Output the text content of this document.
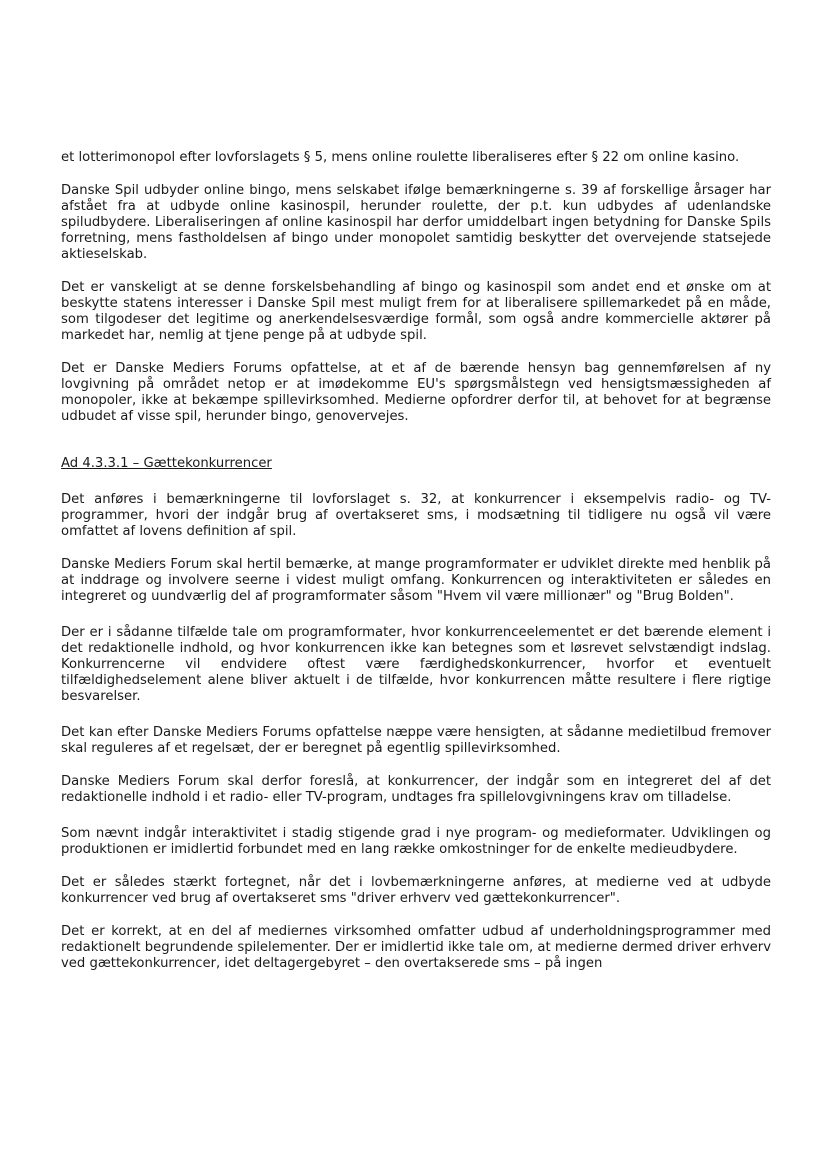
et lotterimonopol efter lovforslagets § 5, mens online roulette liberaliseres efter § 22 om online kasino.

Danske Spil udbyder online bingo, mens selskabet ifølge bemærkningerne s. 39 af forskellige årsager har afstået fra at udbyde online kasinospil, herunder roulette, der p.t. kun udbydes af udenlandske spiludbydere. Liberaliseringen af online kasinospil har derfor umiddelbart ingen betydning for Danske Spils forretning, mens fastholdelsen af bingo under monopolet samtidig beskytter det overvejende statsejede aktieselskab.

Det er vanskeligt at se denne forskelsbehandling af bingo og kasinospil som andet end et ønske om at beskytte statens interesser i Danske Spil mest muligt frem for at liberalisere spillemarkedet på en måde, som tilgodeser det legitime og anerkendelsesværdige formål, som også andre kommercielle aktører på markedet har, nemlig at tjene penge på at udbyde spil.

Det er Danske Mediers Forums opfattelse, at et af de bærende hensyn bag gennemførelsen af ny lovgivning på området netop er at imødekomme EU's spørgsmålstegn ved hensigtsmæssigheden af monopoler, ikke at bekæmpe spillevirksomhed. Medierne opfordrer derfor til, at behovet for at begrænse udbudet af visse spil, herunder bingo, genovervejes.

Ad 4.3.3.1 – Gættekonkurrencer

Det anføres i bemærkningerne til lovforslaget s. 32, at konkurrencer i eksempelvis radio- og TV-programmer, hvori der indgår brug af overtakseret sms, i modsætning til tidligere nu også vil være omfattet af lovens definition af spil.

Danske Mediers Forum skal hertil bemærke, at mange programformater er udviklet direkte med henblik på at inddrage og involvere seerne i videst muligt omfang. Konkurrencen og interaktiviteten er således en integreret og uundværlig del af programformater såsom "Hvem vil være millionær" og "Brug Bolden".

Der er i sådanne tilfælde tale om programformater, hvor konkurrenceelementet er det bærende element i det redaktionelle indhold, og hvor konkurrencen ikke kan betegnes som et løsrevet selvstændigt indslag. Konkurrencerne vil endvidere oftest være færdighedskonkurrencer, hvorfor et eventuelt tilfældighedselement alene bliver aktuelt i de tilfælde, hvor konkurrencen måtte resultere i flere rigtige besvarelser.

Det kan efter Danske Mediers Forums opfattelse næppe være hensigten, at sådanne medietilbud fremover skal reguleres af et regelsæt, der er beregnet på egentlig spillevirksomhed.

Danske Mediers Forum skal derfor foreslå, at konkurrencer, der indgår som en integreret del af det redaktionelle indhold i et radio- eller TV-program, undtages fra spillelovgivningens krav om tilladelse.

Som nævnt indgår interaktivitet i stadig stigende grad i nye program- og medieformater. Udviklingen og produktionen er imidlertid forbundet med en lang række omkostninger for de enkelte medieudbydere.

Det er således stærkt fortegnet, når det i lovbemærkningerne anføres, at medierne ved at udbyde konkurrencer ved brug af overtakseret sms "driver erhverv ved gættekonkurrencer".

Det er korrekt, at en del af mediernes virksomhed omfatter udbud af underholdningsprogrammer med redaktionelt begrundende spilelementer. Der er imidlertid ikke tale om, at medierne dermed driver erhverv ved gættekonkurrencer, idet deltagergebyret – den overtakserede sms – på ingen
